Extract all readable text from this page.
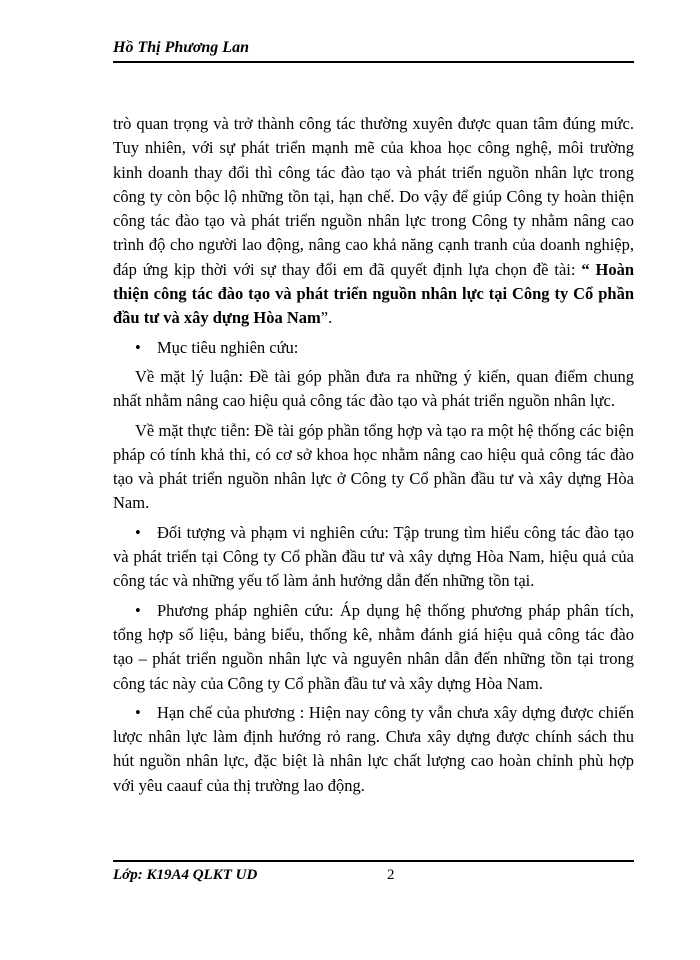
Hồ Thị Phương Lan

trò quan trọng và trở thành công tác thường xuyên được quan tâm đúng mức. Tuy nhiên, với sự phát triển mạnh mẽ của khoa học công nghệ, môi trường kinh doanh thay đổi thì công tác đào tạo và phát triển nguồn nhân lực trong công ty còn bộc lộ những tồn tại, hạn chế. Do vậy để giúp Công ty hoàn thiện công tác đào tạo và phát triển nguồn nhân lực trong Công ty nhằm nâng cao trình độ cho người lao động, nâng cao khả năng cạnh tranh của doanh nghiệp, đáp ứng kịp thời với sự thay đổi em đã quyết định lựa chọn đề tài: “ Hoàn thiện công tác đào tạo và phát triển nguồn nhân lực tại Công ty Cổ phần đầu tư và xây dựng Hòa Nam”.

• Mục tiêu nghiên cứu:

Về mặt lý luận: Đề tài góp phần đưa ra những ý kiến, quan điểm chung nhất nhằm nâng cao hiệu quả công tác đào tạo và phát triển nguồn nhân lực.

Về mặt thực tiễn: Đề tài góp phần tổng hợp và tạo ra một hệ thống các biện pháp có tính khả thi, có cơ sở khoa học nhằm nâng cao hiệu quả công tác đào tạo và phát triển nguồn nhân lực ở Công ty Cổ phần đầu tư và xây dựng Hòa Nam.

• Đối tượng và phạm vi nghiên cứu: Tập trung tìm hiểu công tác đào tạo và phát triển tại Công ty Cổ phần đầu tư và xây dựng Hòa Nam, hiệu quả của công tác và những yếu tố làm ảnh hưởng dẫn đến những tồn tại.

• Phương pháp nghiên cứu: Áp dụng hệ thống phương pháp phân tích, tổng hợp số liệu, bảng biểu, thống kê, nhằm đánh giá hiệu quả công tác đào tạo – phát triển nguồn nhân lực và nguyên nhân dẫn đến những tồn tại trong công tác này của Công ty Cổ phần đầu tư và xây dựng Hòa Nam.

• Hạn chế của phương : Hiện nay công ty vẫn chưa xây dựng được chiến lược nhân lực làm định hướng rỏ rang. Chưa xây dựng được chính sách thu hút nguồn nhân lực, đặc biệt là nhân lực chất lượng cao hoàn chỉnh phù hợp với yêu caauf của thị trường lao động.

Lớp: K19A4 QLKT UD	2
